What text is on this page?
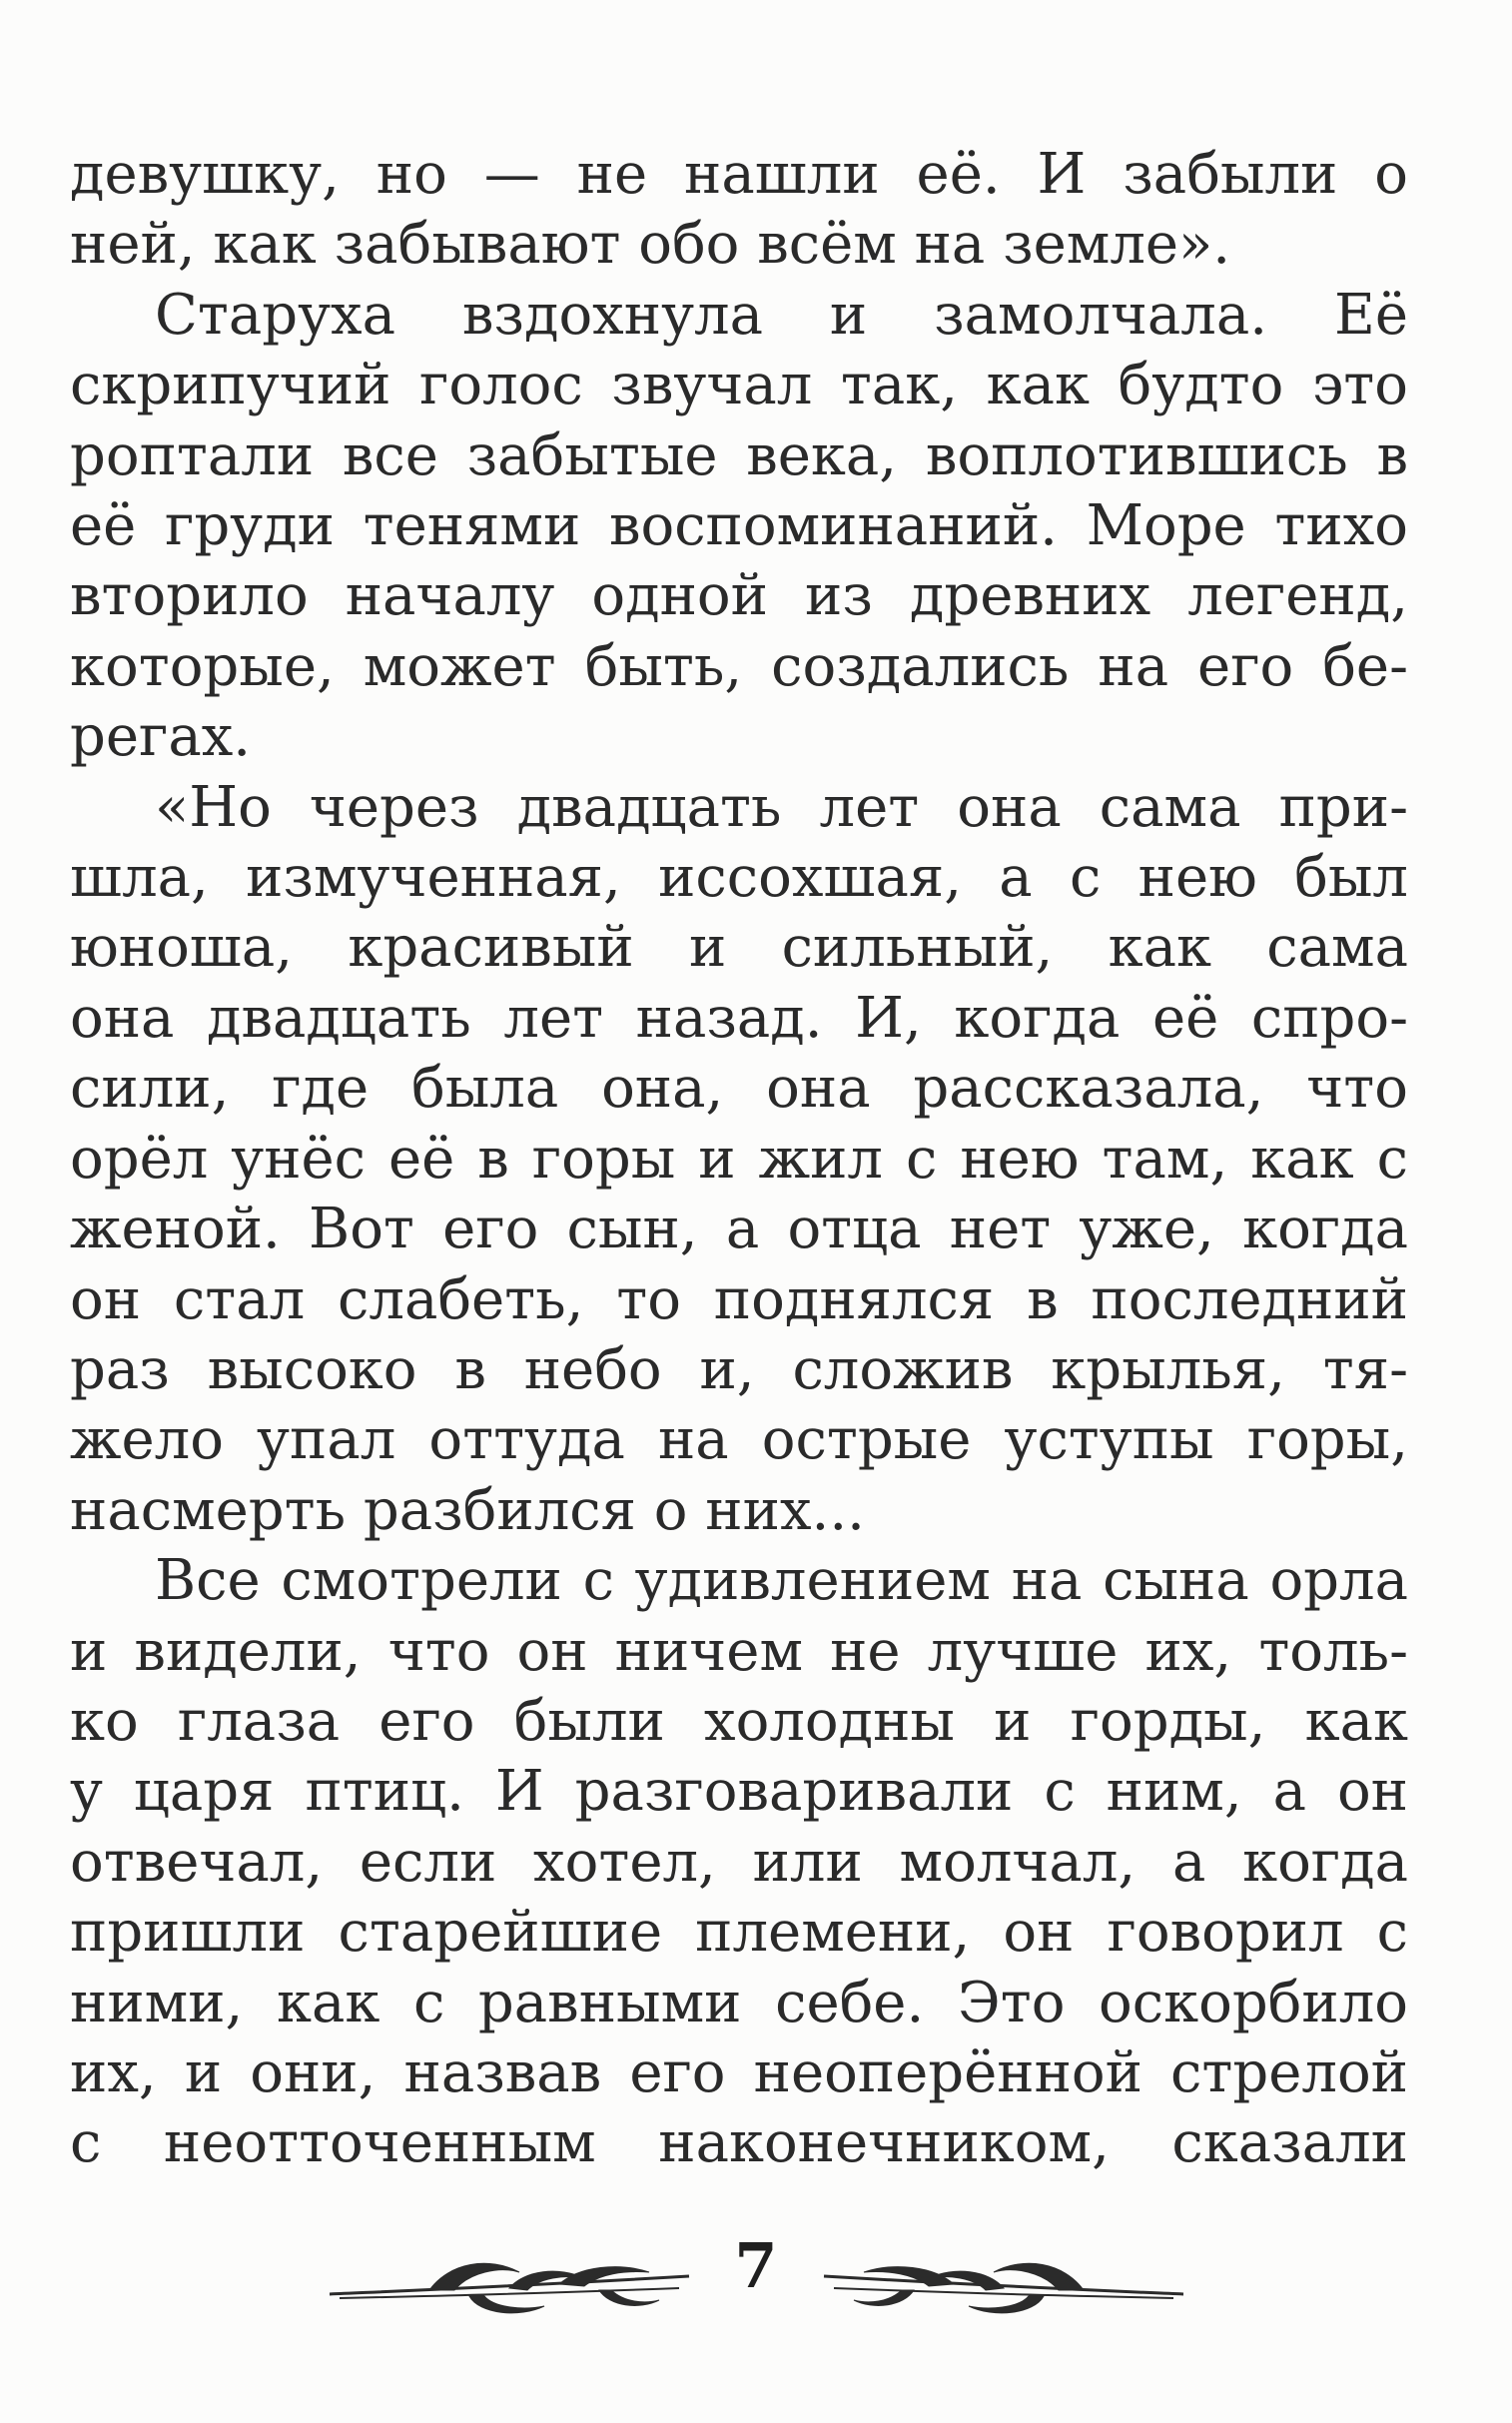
девушку, но — не нашли её. И забыли о
ней, как забывают обо всём на земле».
Старуха вздохнула и замолчала. Её
скрипучий голос звучал так, как будто это
роптали все забытые века, воплотившись в
её груди тенями воспоминаний. Море тихо
вторило началу одной из древних легенд,
которые, может быть, создались на его бе-
регах.
«Но через двадцать лет она сама при-
шла, измученная, иссохшая, а с нею был
юноша, красивый и сильный, как сама
она двадцать лет назад. И, когда её спро-
сили, где была она, она рассказала, что
орёл унёс её в горы и жил с нею там, как с
женой. Вот его сын, а отца нет уже, когда
он стал слабеть, то поднялся в последний
раз высоко в небо и, сложив крылья, тя-
жело упал оттуда на острые уступы горы,
насмерть разбился о них...
Все смотрели с удивлением на сына орла
и видели, что он ничем не лучше их, толь-
ко глаза его были холодны и горды, как
у царя птиц. И разговаривали с ним, а он
отвечал, если хотел, или молчал, а когда
пришли старейшие племени, он говорил с
ними, как с равными себе. Это оскорбило
их, и они, назвав его неоперённой стрелой
с неотточенным наконечником, сказали
7
